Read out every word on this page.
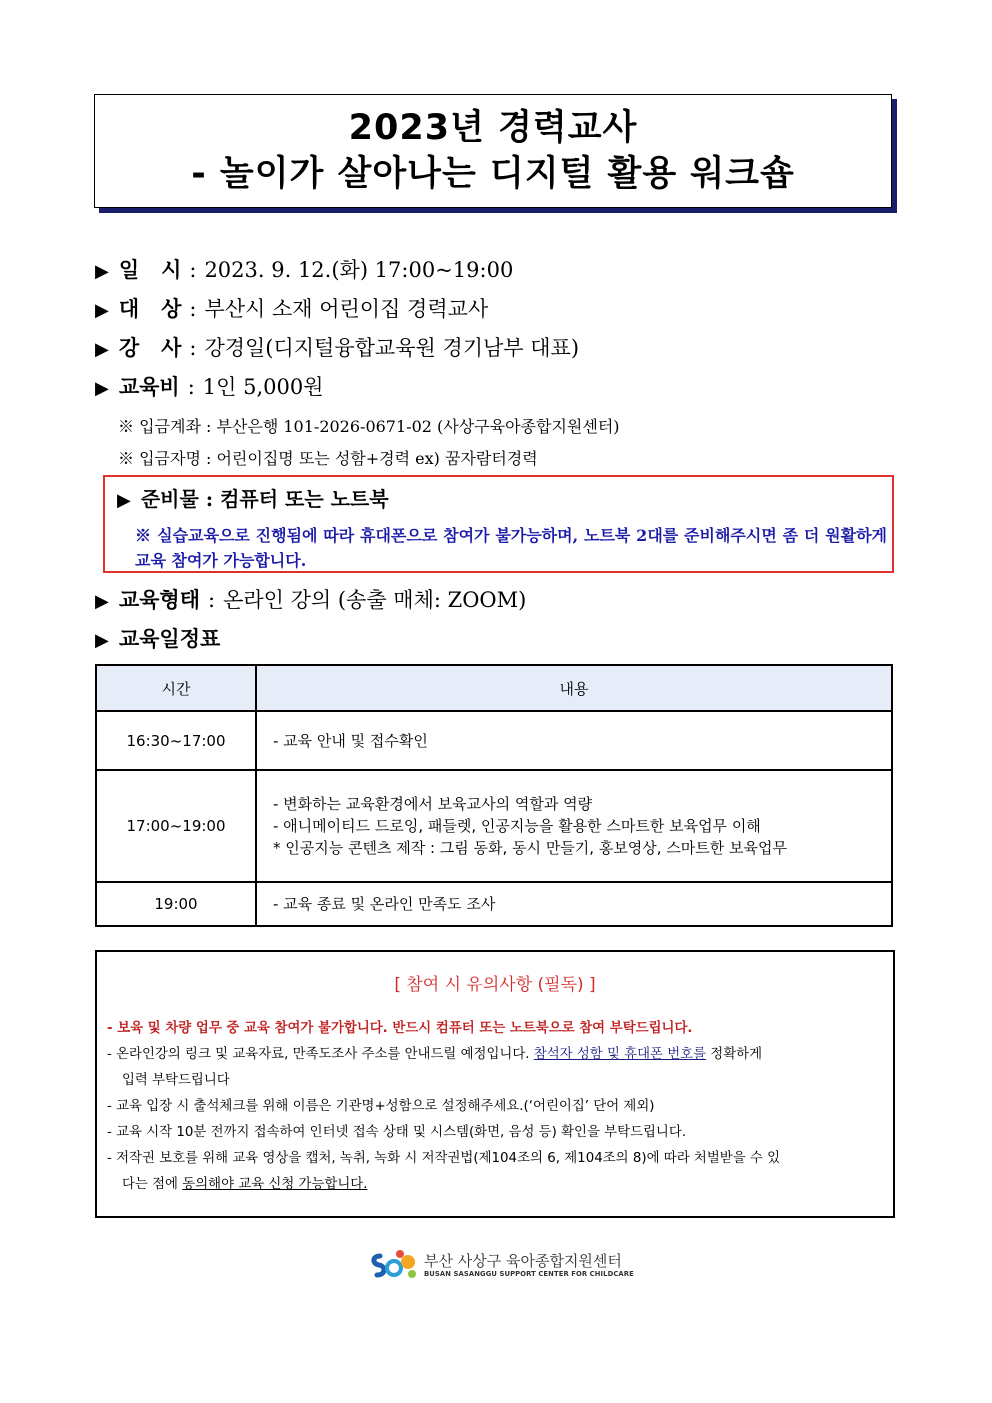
2023년 경력교사
- 놀이가 살아나는 디지털 활용 워크숍
▶ 일   시 : 2023. 9. 12.(화) 17:00~19:00
▶ 대   상 : 부산시 소재 어린이집 경력교사
▶ 강   사 : 강경일(디지털융합교육원 경기남부 대표)
▶ 교육비 : 1인 5,000원
※ 입금계좌 : 부산은행 101-2026-0671-02 (사상구육아종합지원센터)
※ 입금자명 : 어린이집명 또는 성함+경력 ex) 꿈자람터경력
▶ 준비물 : 컴퓨터 또는 노트북
※ 실습교육으로 진행됨에 따라 휴대폰으로 참여가 불가능하며, 노트북 2대를 준비해주시면 좀 더 원활하게 교육 참여가 가능합니다.
▶ 교육형태 : 온라인 강의 (송출 매체: ZOOM)
▶ 교육일정표
시간	내용
16:30~17:00	- 교육 안내 및 접수확인

17:00~19:00	- 변화하는 교육환경에서 보육교사의 역할과 역량
- 애니메이티드 드로잉, 패들렛, 인공지능을 활용한 스마트한 보육업무 이해
* 인공지능 콘텐츠 제작 : 그림 동화, 동시 만들기, 홍보영상, 스마트한 보육업무

19:00	- 교육 종료 및 온라인 만족도 조사
[ 참여 시 유의사항 (필독) ]
- 보육 및 차량 업무 중 교육 참여가 불가합니다. 반드시 컴퓨터 또는 노트북으로 참여 부탁드립니다.
- 온라인강의 링크 및 교육자료, 만족도조사 주소를 안내드릴 예정입니다. 참석자 성함 및 휴대폰 번호를 정확하게
입력 부탁드립니다
- 교육 입장 시 출석체크를 위해 이름은 기관명+성함으로 설정해주세요.(‘어린이집’ 단어 제외)
- 교육 시작 10분 전까지 접속하여 인터넷 접속 상태 및 시스템(화면, 음성 등) 확인을 부탁드립니다.
- 저작권 보호를 위해 교육 영상을 캡처, 녹취, 녹화 시 저작권법(제104조의 6, 제104조의 8)에 따라 처벌받을 수 있
다는 점에 동의해야 교육 신청 가능합니다.
부산 사상구 육아종합지원센터
BUSAN SASANGGU SUPPORT CENTER FOR CHILDCARE
